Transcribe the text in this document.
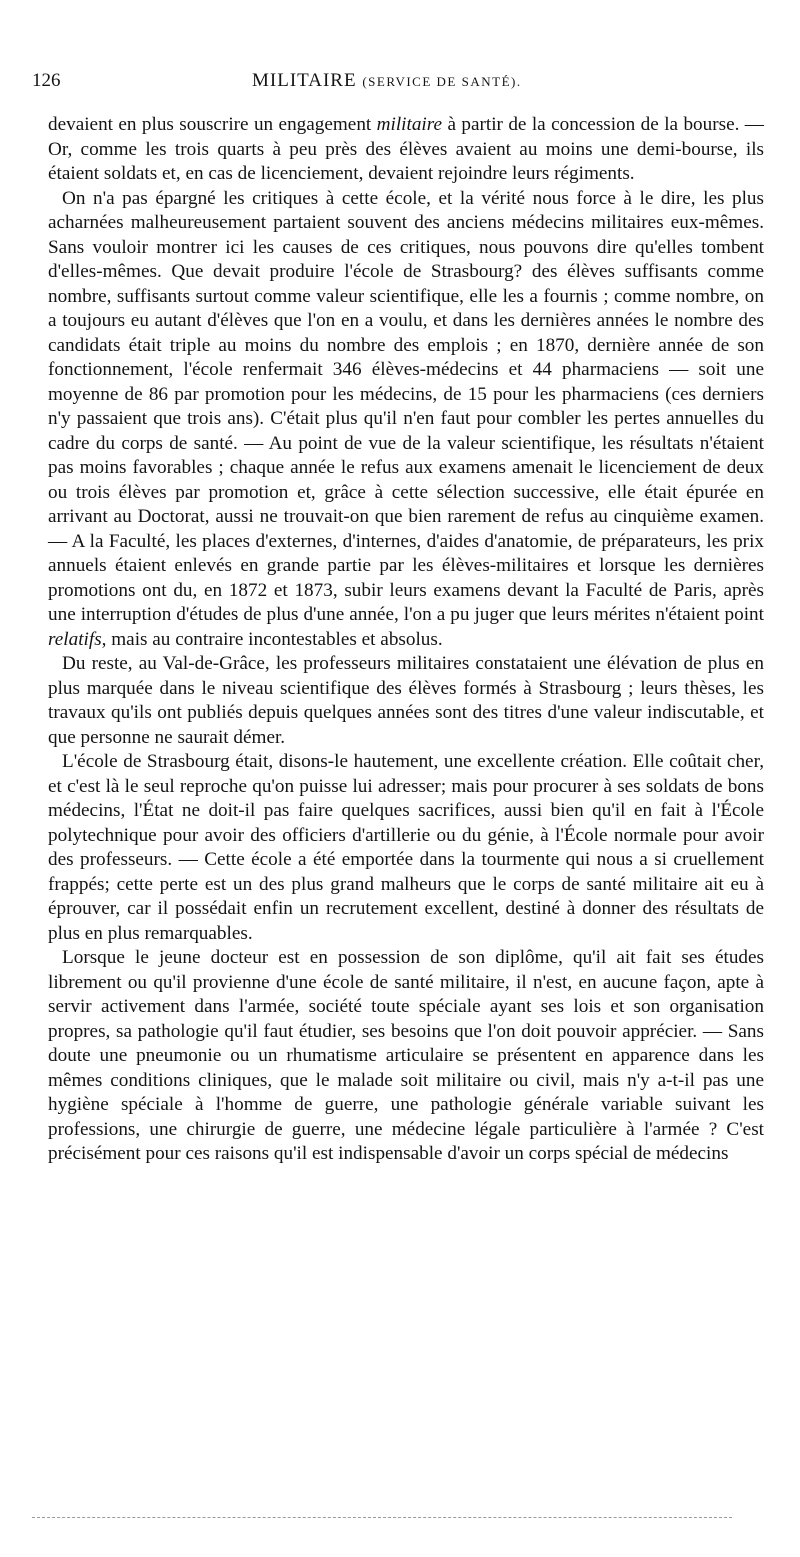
126	MILITAIRE (SERVICE DE SANTÉ).

devaient en plus souscrire un engagement militaire à partir de la concession de la bourse. — Or, comme les trois quarts à peu près des élèves avaient au moins une demi-bourse, ils étaient soldats et, en cas de licenciement, devaient rejoindre leurs régiments.

On n'a pas épargné les critiques à cette école, et la vérité nous force à le dire, les plus acharnées malheureusement partaient souvent des anciens médecins militaires eux-mêmes. Sans vouloir montrer ici les causes de ces critiques, nous pouvons dire qu'elles tombent d'elles-mêmes. Que devait produire l'école de Strasbourg? des élèves suffisants comme nombre, suffisants surtout comme valeur scientifique, elle les a fournis ; comme nombre, on a toujours eu autant d'élèves que l'on en a voulu, et dans les dernières années le nombre des candidats était triple au moins du nombre des emplois ; en 1870, dernière année de son fonctionnement, l'école renfermait 346 élèves-médecins et 44 pharmaciens — soit une moyenne de 86 par promotion pour les médecins, de 15 pour les pharmaciens (ces derniers n'y passaient que trois ans). C'était plus qu'il n'en faut pour combler les pertes annuelles du cadre du corps de santé. — Au point de vue de la valeur scientifique, les résultats n'étaient pas moins favorables ; chaque année le refus aux examens amenait le licenciement de deux ou trois élèves par promotion et, grâce à cette sélection successive, elle était épurée en arrivant au Doctorat, aussi ne trouvait-on que bien rarement de refus au cinquième examen. — A la Faculté, les places d'externes, d'internes, d'aides d'anatomie, de préparateurs, les prix annuels étaient enlevés en grande partie par les élèves-militaires et lorsque les dernières promotions ont du, en 1872 et 1873, subir leurs examens devant la Faculté de Paris, après une interruption d'études de plus d'une année, l'on a pu juger que leurs mérites n'étaient point relatifs, mais au contraire incontestables et absolus.

Du reste, au Val-de-Grâce, les professeurs militaires constataient une élévation de plus en plus marquée dans le niveau scientifique des élèves formés à Strasbourg ; leurs thèses, les travaux qu'ils ont publiés depuis quelques années sont des titres d'une valeur indiscutable, et que personne ne saurait démer.

L'école de Strasbourg était, disons-le hautement, une excellente création. Elle coûtait cher, et c'est là le seul reproche qu'on puisse lui adresser; mais pour procurer à ses soldats de bons médecins, l'État ne doit-il pas faire quelques sacrifices, aussi bien qu'il en fait à l'École polytechnique pour avoir des officiers d'artillerie ou du génie, à l'École normale pour avoir des professeurs. — Cette école a été emportée dans la tourmente qui nous a si cruellement frappés; cette perte est un des plus grand malheurs que le corps de santé militaire ait eu à éprouver, car il possédait enfin un recrutement excellent, destiné à donner des résultats de plus en plus remarquables.

Lorsque le jeune docteur est en possession de son diplôme, qu'il ait fait ses études librement ou qu'il provienne d'une école de santé militaire, il n'est, en aucune façon, apte à servir activement dans l'armée, société toute spéciale ayant ses lois et son organisation propres, sa pathologie qu'il faut étudier, ses besoins que l'on doit pouvoir apprécier. — Sans doute une pneumonie ou un rhumatisme articulaire se présentent en apparence dans les mêmes conditions cliniques, que le malade soit militaire ou civil, mais n'y a-t-il pas une hygiène spéciale à l'homme de guerre, une pathologie générale variable suivant les professions, une chirurgie de guerre, une médecine légale particulière à l'armée ? C'est précisément pour ces raisons qu'il est indispensable d'avoir un corps spécial de médecins
